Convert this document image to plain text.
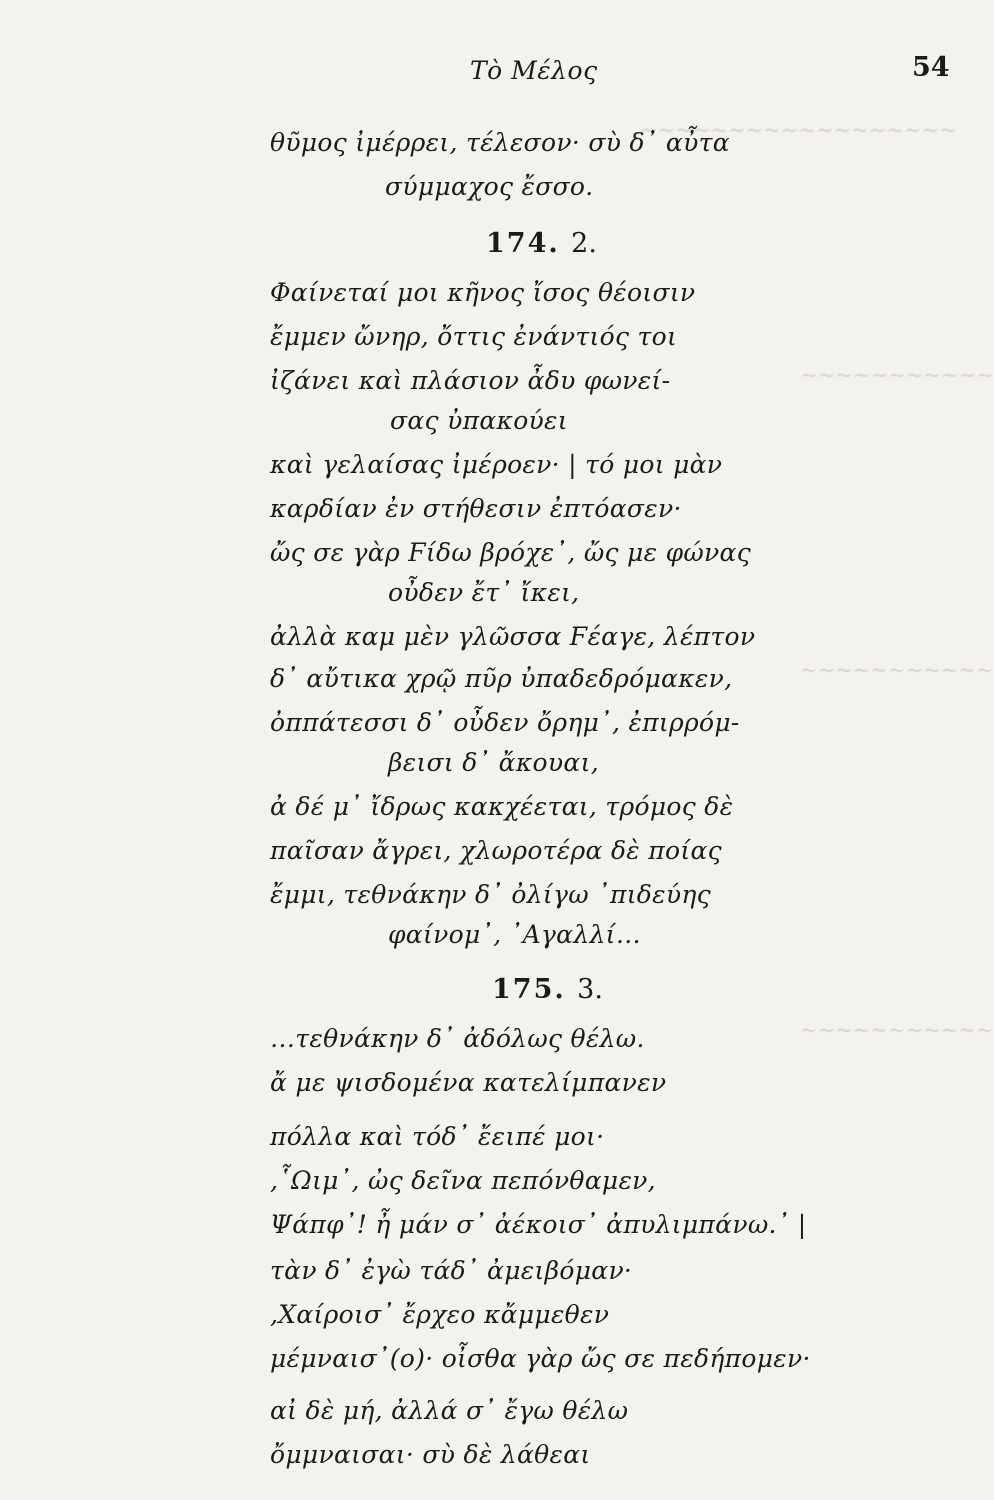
~~~~~~~~~~~~~~~~~~
~~~~~~~~~~~
~~~~~~~~~~~
~~~~~~~~~~~
Τὸ Μέλος	54
θῦμος ἰμέρρει, τέλεσον· σὺ δ᾽ αὖτα
σύμμαχος ἔσσο.
174. 2.
Φαίνεταί μοι κῆνος ἴσος θέοισιν
ἔμμεν ὤνηρ, ὄττις ἐνάντιός τοι
ἰζάνει καὶ πλάσιον ἆδυ φωνεί-
σας ὐπακούει
καὶ γελαίσας ἰμέροεν· | τό μοι μὰν
καρδίαν ἐν στήθεσιν ἐπτόασεν·
ὤς σε γὰρ Ϝίδω βρόχε᾽, ὤς με φώνας
οὖδεν ἔτ᾽ ἴκει,
ἀλλὰ καμ μὲν γλῶσσα Ϝέαγε, λέπτον
δ᾽ αὔτικα χρῷ πῦρ ὐπαδεδρόμακεν,
ὀππάτεσσι δ᾽ οὖδεν ὄρημ᾽, ἐπιρρόμ-
βεισι δ᾽ ἄκουαι,
ἀ δέ μ᾽ ἴδρως κακχέεται, τρόμος δὲ
παῖσαν ἄγρει, χλωροτέρα δὲ ποίας
ἔμμι, τεθνάκην δ᾽ ὀλίγω ᾽πιδεύης
φαίνομ᾽, ᾽Αγαλλί…
175. 3.
…τεθνάκην δ᾽ ἀδόλως θέλω.
ἄ με ψισδομένα κατελίμπανεν
πόλλα καὶ τόδ᾽ ἔειπέ μοι·
,῟Ωιμ᾽, ὠς δεῖνα πεπόνθαμεν,
Ψάπφ᾽! ἦ μάν σ᾽ ἀέκοισ᾽ ἀπυλιμπάνω.᾽ |
τὰν δ᾽ ἐγὼ τάδ᾽ ἀμειβόμαν·
,Χαίροισ᾽ ἔρχεο κἄμμεθεν
μέμναισ᾽(ο)· οἶσθα γὰρ ὤς σε πεδήπομεν·
αἰ δὲ μή, ἀλλά σ᾽ ἔγω θέλω
ὄμμναισαι· σὺ δὲ λάθεαι
